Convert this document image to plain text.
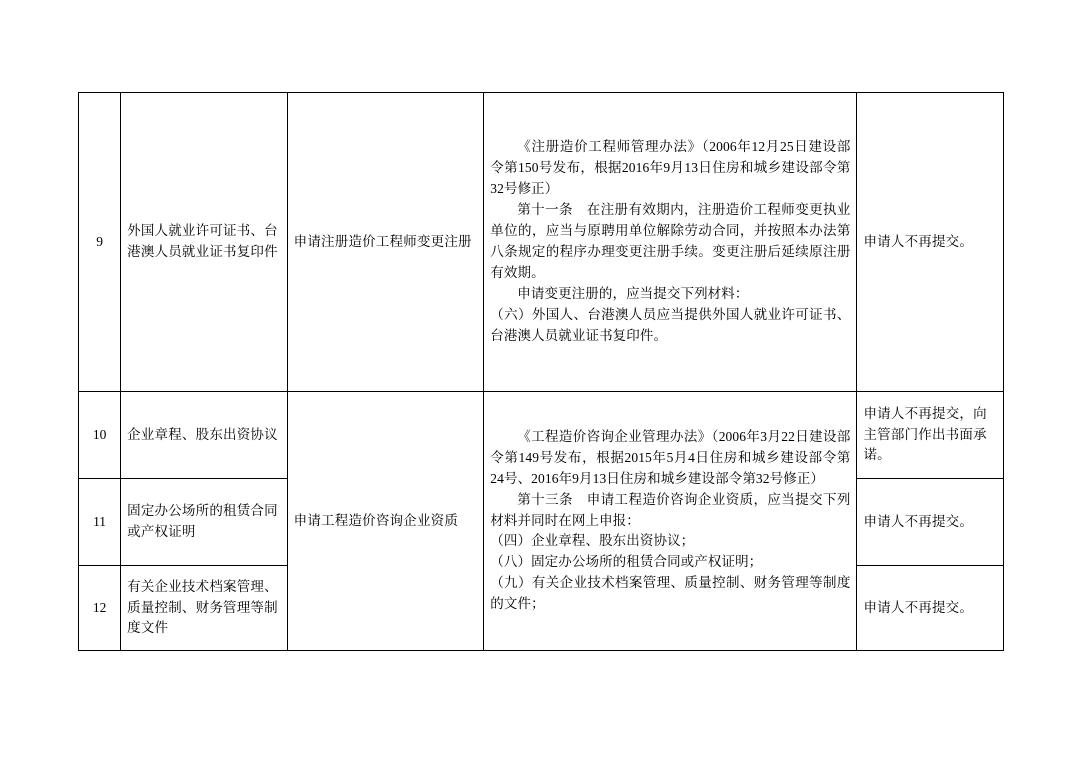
9	外国人就业许可证书、台港澳人员就业证书复印件	申请注册造价工程师变更注册	《注册造价工程师管理办法》（2006年12月25日建设部令第150号发布，根据2016年9月13日住房和城乡建设部令第32号修正）

第十一条　在注册有效期内，注册造价工程师变更执业单位的，应当与原聘用单位解除劳动合同，并按照本办法第八条规定的程序办理变更注册手续。变更注册后延续原注册有效期。

申请变更注册的，应当提交下列材料：

（六）外国人、台港澳人员应当提供外国人就业许可证书、台港澳人员就业证书复印件。	申请人不再提交。
10	企业章程、股东出资协议	申请工程造价咨询企业资质	《工程造价咨询企业管理办法》（2006年3月22日建设部令第149号发布，根据2015年5月4日住房和城乡建设部令第24号、2016年9月13日住房和城乡建设部令第32号修正）

第十三条　申请工程造价咨询企业资质，应当提交下列材料并同时在网上申报：

（四）企业章程、股东出资协议；

（八）固定办公场所的租赁合同或产权证明；

（九）有关企业技术档案管理、质量控制、财务管理等制度的文件；	申请人不再提交，向主管部门作出书面承诺。
11	固定办公场所的租赁合同或产权证明			申请人不再提交。
12	有关企业技术档案管理、质量控制、财务管理等制度文件			申请人不再提交。
